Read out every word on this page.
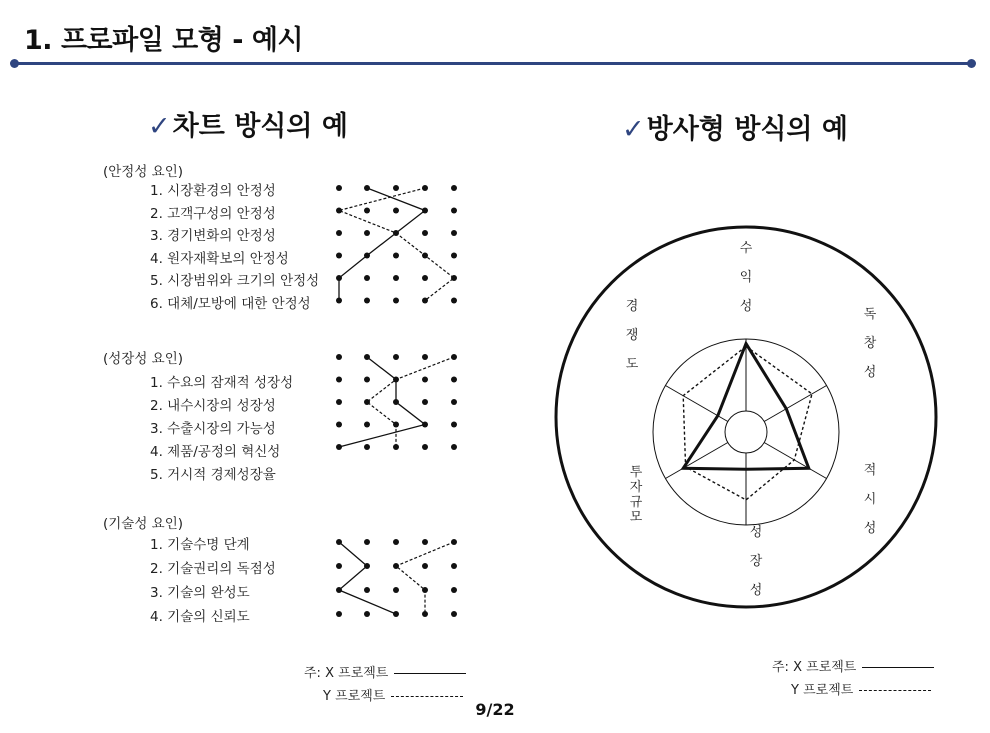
1. 프로파일 모형 - 예시
✓차트 방식의 예	✓방사형 방식의 예
(안정성 요인)
1. 시장환경의 안정성
2. 고객구성의 안정성
3. 경기변화의 안정성
4. 원자재확보의 안정성
5. 시장범위와 크기의 안정성
6. 대체/모방에 대한 안정성
(성장성 요인)
1. 수요의 잠재적 성장성
2. 내수시장의 성장성
3. 수출시장의 가능성
4. 제품/공정의 혁신성
5. 거시적 경제성장율
(기술성 요인)
1. 기술수명 단계
2. 기술권리의 독점성
3. 기술의 완성도
4. 기술의 신뢰도
주: X 프로젝트
Y 프로젝트
수익성
독창성
적시성
성장성
투자규모
경쟁도
주: X 프로젝트
Y 프로젝트
9/22
